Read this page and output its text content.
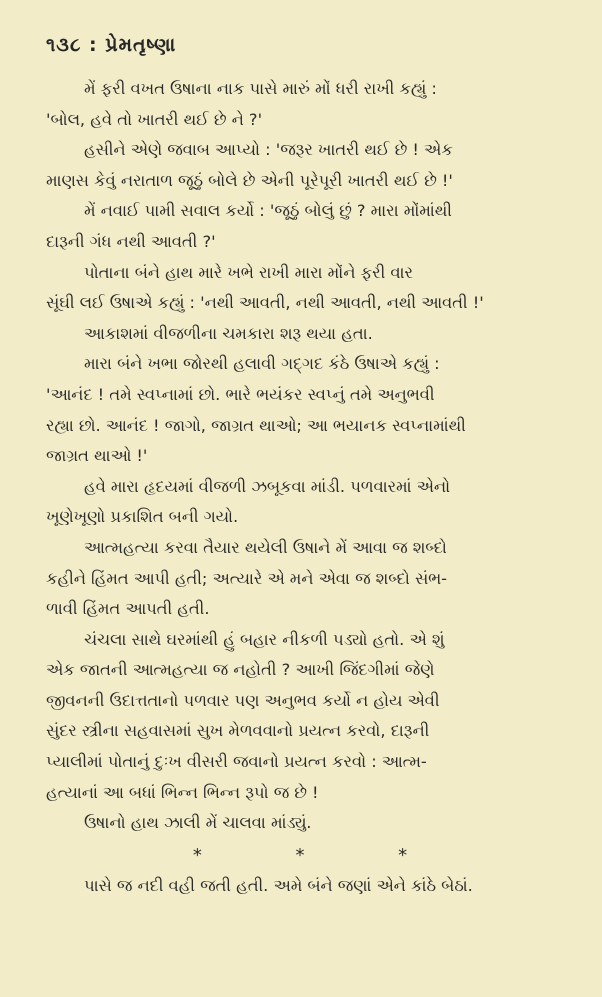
૧૩૮ : પ્રેમતૃષ્ણા

મેં ફરી વખત ઉષાના નાક પાસે મારું મોં ધરી રાખી કહ્યું :
'બોલ, હવે તો ખાતરી થઈ છે ને ?'

હસીને એણે જવાબ આપ્યો : 'જરૂર ખાતરી થઈ છે ! એક
માણસ કેવું નરાતાળ જૂઠું બોલે છે એની પૂરેપૂરી ખાતરી થઈ છે !'

મેં નવાઈ પામી સવાલ કર્યો : 'જૂઠું બોલું છું ? મારા મોંમાંથી
દારૂની ગંધ નથી આવતી ?'

પોતાના બંને હાથ મારે ખભે રાખી મારા મોંને ફરી વાર
સૂંઘી લઈ ઉષાએ કહ્યું : 'નથી આવતી, નથી આવતી, નથી આવતી !'

આકાશમાં વીજળીના ચમકારા શરૂ થયા હતા.

મારા બંને ખભા જોરથી હલાવી ગદ્ગદ કંઠે ઉષાએ કહ્યું :
'આનંદ ! તમે સ્વપ્નામાં છો. ભારે ભયંકર સ્વપ્નું તમે અનુભવી
રહ્યા છો. આનંદ ! જાગો, જાગ્રત થાઓ; આ ભયાનક સ્વપ્નામાંથી
જાગ્રત થાઓ !'

હવે મારા હૃદયમાં વીજળી ઝબૂકવા માંડી. પળવારમાં એનો
ખૂણેખૂણો પ્રકાશિત બની ગયો.

આત્મહત્યા કરવા તૈયાર થયેલી ઉષાને મેં આવા જ શબ્દો
કહીને હિંમત આપી હતી; અત્યારે એ મને એવા જ શબ્દો સંભ-
ળાવી હિંમત આપતી હતી.

ચંચલા સાથે ઘરમાંથી હું બહાર નીકળી પડ્યો હતો. એ શું
એક જાતની આત્મહત્યા જ નહોતી ? આખી જિંદગીમાં જેણે
જીવનની ઉદાત્તતાનો પળવાર પણ અનુભવ કર્યો ન હોય એવી
સુંદર સ્ત્રીના સહવાસમાં સુખ મેળવવાનો પ્રયત્ન કરવો, દારૂની
પ્યાલીમાં પોતાનું દુઃખ વીસરી જવાનો પ્રયત્ન કરવો : આત્મ-
હત્યાનાં આ બધાં ભિન્ન ભિન્ન રૂપો જ છે !

ઉષાનો હાથ ઝાલી મેં ચાલવા માંડ્યું.

*	*	*

પાસે જ નદી વહી જતી હતી. અમે બંને જણાં એને કાંઠે બેઠાં.
